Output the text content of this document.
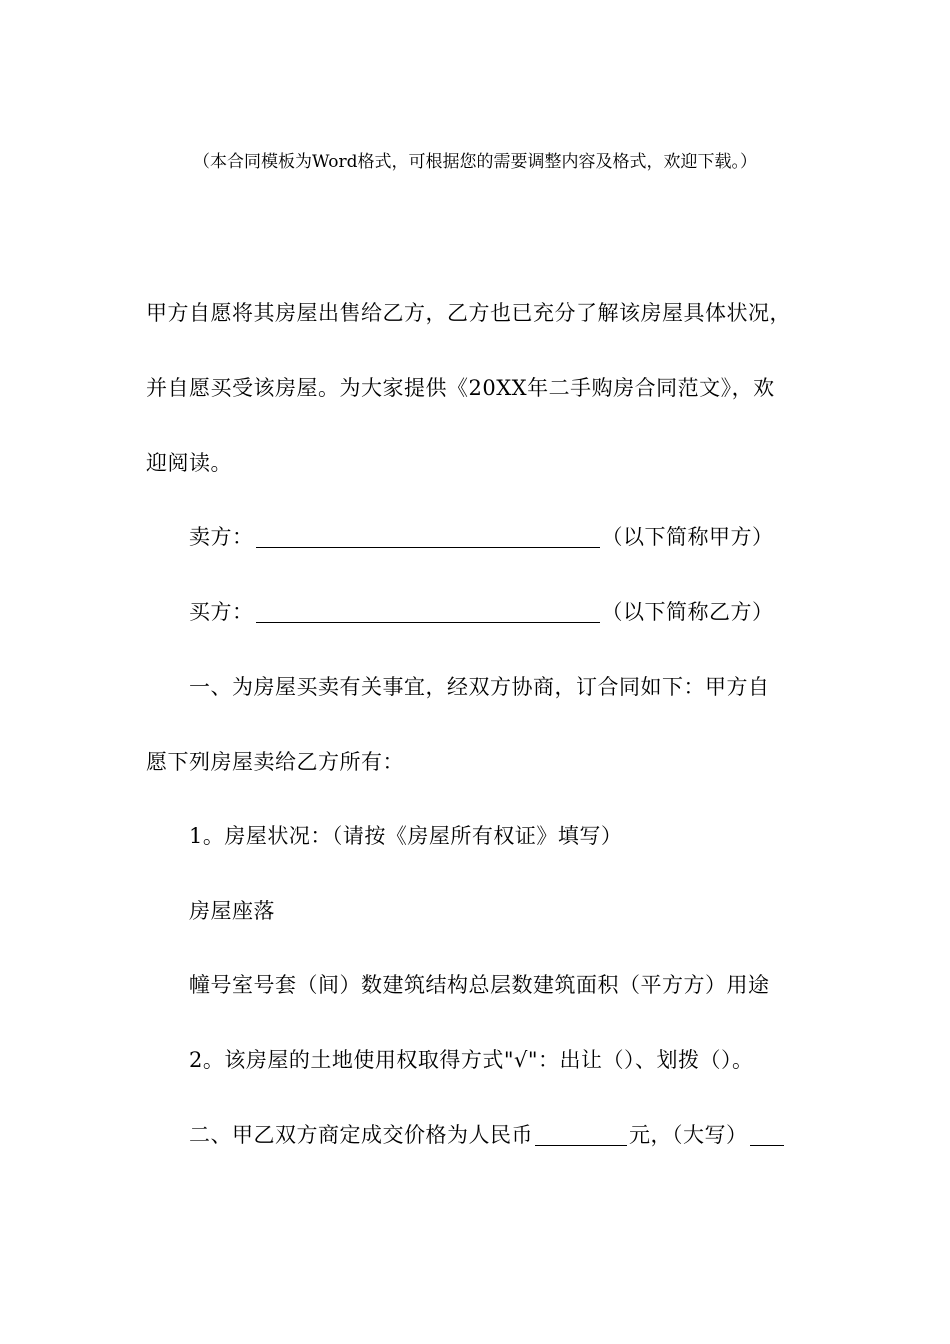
（本合同模板为Word格式，可根据您的需要调整内容及格式，欢迎下载。）
甲方自愿将其房屋出售给乙方，乙方也已充分了解该房屋具体状况，
并自愿买受该房屋。为大家提供《20XX年二手购房合同范文》，欢
迎阅读。
卖方：	（以下简称甲方）
买方：	（以下简称乙方）
一、为房屋买卖有关事宜，经双方协商，订合同如下：甲方自
愿下列房屋卖给乙方所有：
1。房屋状况：（请按《房屋所有权证》填写）
房屋座落
幢号室号套（间）数建筑结构总层数建筑面积（平方方）用途
2。该房屋的土地使用权取得方式"√"：出让（）、划拨（）。
二、甲乙双方商定成交价格为人民币	元，（大写）
